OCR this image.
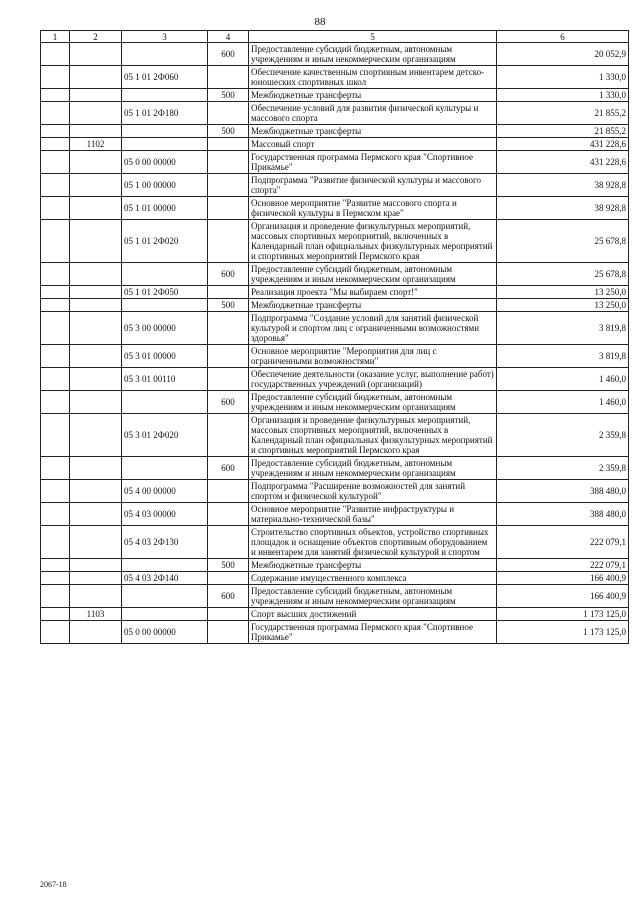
88
1	2	3	4	5	6
			600	Предоставление субсидий бюджетным, автономным учреждениям и иным некоммерческим организациям	20 052,9
		05 1 01 2Ф060		Обеспечение качественным спортивным инвентарем детско-юношеских спортивных школ	1 330,0
			500	Межбюджетные трансферты	1 330,0
		05 1 01 2Ф180		Обеспечение условий для развития физической культуры и массового спорта	21 855,2
			500	Межбюджетные трансферты	21 855,2
	1102			Массовый спорт	431 228,6
		05 0 00 00000		Государственная программа Пермского края "Спортивное Прикамье"	431 228,6
		05 1 00 00000		Подпрограмма "Развитие физической культуры и массового спорта"	38 928,8
		05 1 01 00000		Основное мероприятие "Развитие массового спорта и физической культуры в Пермском крае"	38 928,8
		05 1 01 2Ф020		Организация и проведение физкультурных мероприятий, массовых спортивных мероприятий, включенных в Календарный план официальных физкультурных мероприятий и спортивных мероприятий Пермского края	25 678,8
			600	Предоставление субсидий бюджетным, автономным учреждениям и иным некоммерческим организациям	25 678,8
		05 1 01 2Ф050		Реализация проекта "Мы выбираем спорт!"	13 250,0
			500	Межбюджетные трансферты	13 250,0
		05 3 00 00000		Подпрограмма "Создание условий для занятий физической культурой и спортом лиц с ограниченными возможностями здоровья"	3 819,8
		05 3 01 00000		Основное мероприятие "Мероприятия для лиц с ограниченными возможностями"	3 819,8
		05 3 01 00110		Обеспечение деятельности (оказание услуг, выполнение работ) государственных учреждений (организаций)	1 460,0
			600	Предоставление субсидий бюджетным, автономным учреждениям и иным некоммерческим организациям	1 460,0
		05 3 01 2Ф020		Организация и проведение физкультурных мероприятий, массовых спортивных мероприятий, включенных в Календарный план официальных физкультурных мероприятий и спортивных мероприятий Пермского края	2 359,8
			600	Предоставление субсидий бюджетным, автономным учреждениям и иным некоммерческим организациям	2 359,8
		05 4 00 00000		Подпрограмма "Расширение возможностей для занятий спортом и физической культурой"	388 480,0
		05 4 03 00000		Основное мероприятие "Развитие инфраструктуры и материально-технической базы"	388 480,0
		05 4 03 2Ф130		Строительство спортивных объектов, устройство спортивных площадок и оснащение объектов спортивным оборудованием и инвентарем для занятий физической культурой и спортом	222 079,1
			500	Межбюджетные трансферты	222 079,1
		05 4 03 2Ф140		Содержание имущественного комплекса	166 400,9
			600	Предоставление субсидий бюджетным, автономным учреждениям и иным некоммерческим организациям	166 400,9
	1103			Спорт высших достижений	1 173 125,0
		05 0 00 00000		Государственная программа Пермского края "Спортивное Прикамье"	1 173 125,0
2067-18
